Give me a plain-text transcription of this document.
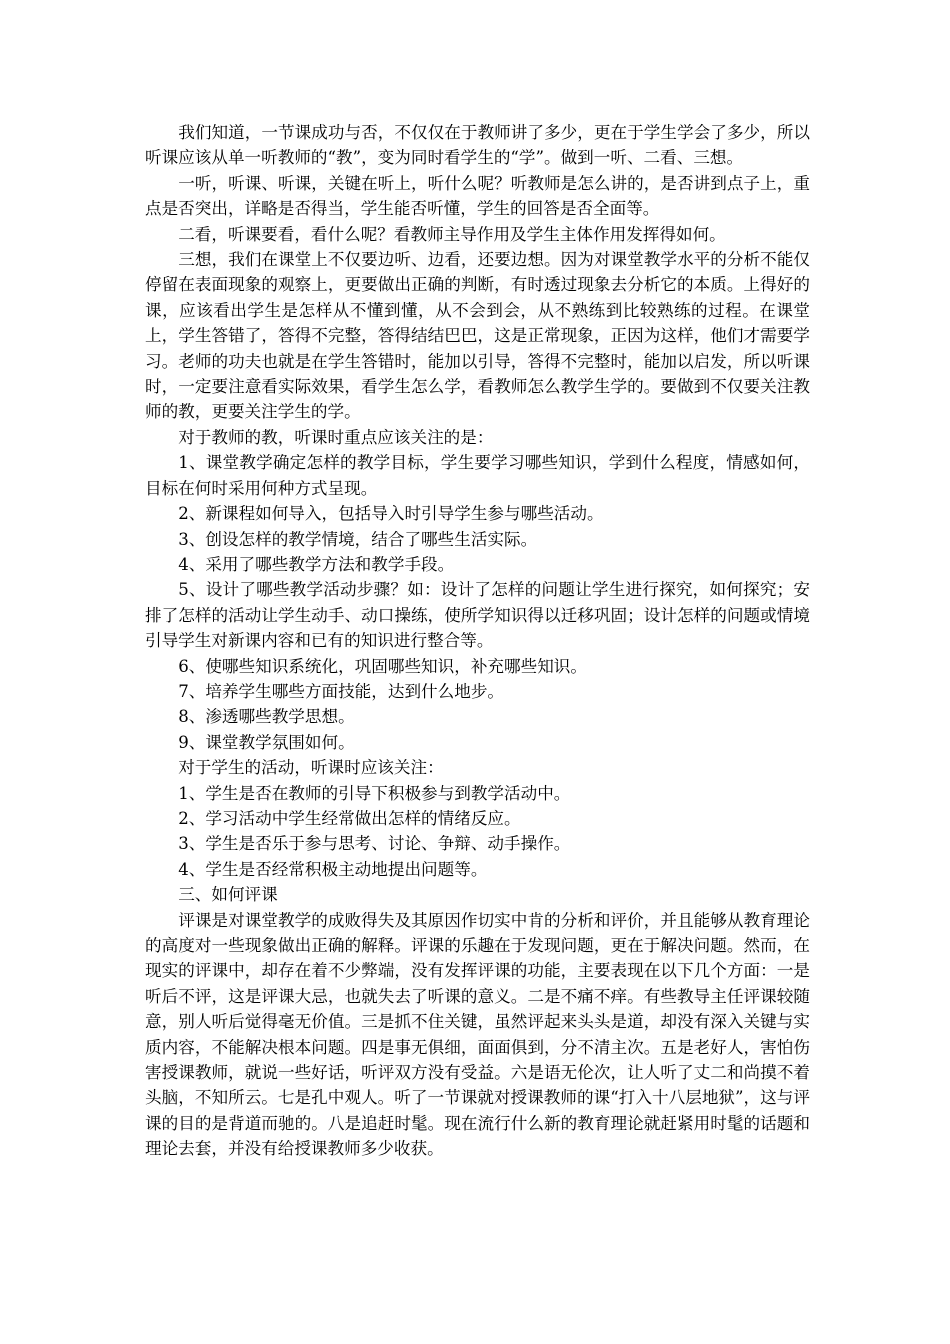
我们知道，一节课成功与否，不仅仅在于教师讲了多少，更在于学生学会了多少，所以听课应该从单一听教师的“教”，变为同时看学生的“学”。做到一听、二看、三想。

一听，听课、听课，关键在听上，听什么呢？听教师是怎么讲的，是否讲到点子上，重点是否突出，详略是否得当，学生能否听懂，学生的回答是否全面等。

二看，听课要看，看什么呢？看教师主导作用及学生主体作用发挥得如何。

三想，我们在课堂上不仅要边听、边看，还要边想。因为对课堂教学水平的分析不能仅停留在表面现象的观察上，更要做出正确的判断，有时透过现象去分析它的本质。上得好的课，应该看出学生是怎样从不懂到懂，从不会到会，从不熟练到比较熟练的过程。在课堂上，学生答错了，答得不完整，答得结结巴巴，这是正常现象，正因为这样，他们才需要学习。老师的功夫也就是在学生答错时，能加以引导，答得不完整时，能加以启发，所以听课时，一定要注意看实际效果，看学生怎么学，看教师怎么教学生学的。要做到不仅要关注教师的教，更要关注学生的学。

对于教师的教，听课时重点应该关注的是：

1、课堂教学确定怎样的教学目标，学生要学习哪些知识，学到什么程度，情感如何，目标在何时采用何种方式呈现。

2、新课程如何导入，包括导入时引导学生参与哪些活动。

3、创设怎样的教学情境，结合了哪些生活实际。

4、采用了哪些教学方法和教学手段。

5、设计了哪些教学活动步骤？如：设计了怎样的问题让学生进行探究，如何探究；安排了怎样的活动让学生动手、动口操练，使所学知识得以迁移巩固；设计怎样的问题或情境引导学生对新课内容和已有的知识进行整合等。

6、使哪些知识系统化，巩固哪些知识，补充哪些知识。

7、培养学生哪些方面技能，达到什么地步。

8、渗透哪些教学思想。

9、课堂教学氛围如何。

对于学生的活动，听课时应该关注：

1、学生是否在教师的引导下积极参与到教学活动中。

2、学习活动中学生经常做出怎样的情绪反应。

3、学生是否乐于参与思考、讨论、争辩、动手操作。

4、学生是否经常积极主动地提出问题等。

三、如何评课

评课是对课堂教学的成败得失及其原因作切实中肯的分析和评价，并且能够从教育理论的高度对一些现象做出正确的解释。评课的乐趣在于发现问题，更在于解决问题。然而，在现实的评课中，却存在着不少弊端，没有发挥评课的功能，主要表现在以下几个方面：一是听后不评，这是评课大忌，也就失去了听课的意义。二是不痛不痒。有些教导主任评课较随意，别人听后觉得毫无价值。三是抓不住关键，虽然评起来头头是道，却没有深入关键与实质内容，不能解决根本问题。四是事无俱细，面面俱到，分不清主次。五是老好人，害怕伤害授课教师，就说一些好话，听评双方没有受益。六是语无伦次，让人听了丈二和尚摸不着头脑，不知所云。七是孔中观人。听了一节课就对授课教师的课“打入十八层地狱”，这与评课的目的是背道而驰的。八是追赶时髦。现在流行什么新的教育理论就赶紧用时髦的话题和理论去套，并没有给授课教师多少收获。
